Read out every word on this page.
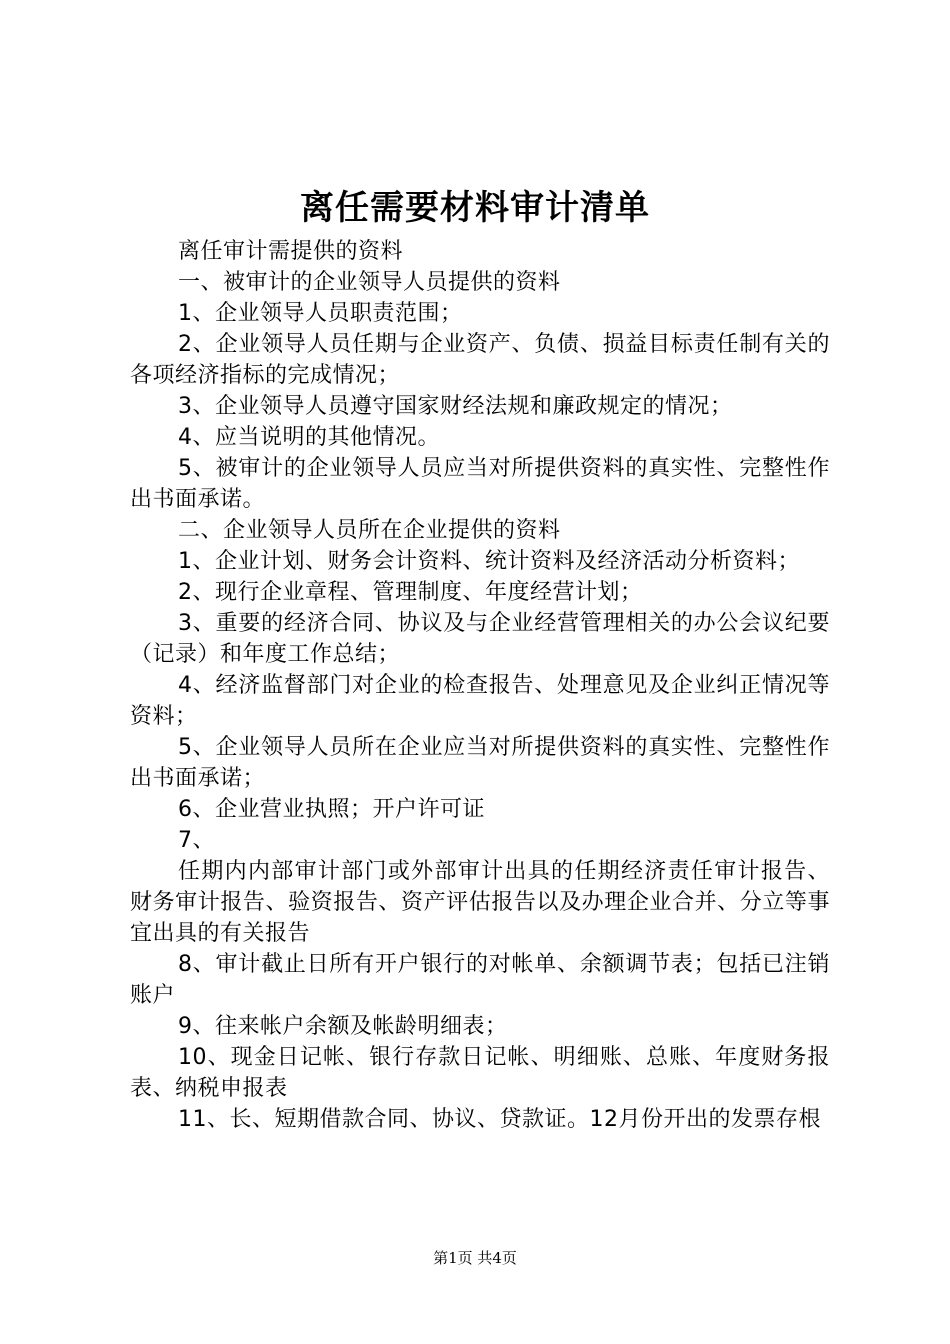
离任需要材料审计清单

离任审计需提供的资料

一、被审计的企业领导人员提供的资料

1、企业领导人员职责范围；

2、企业领导人员任期与企业资产、负债、损益目标责任制有关的各项经济指标的完成情况；

3、企业领导人员遵守国家财经法规和廉政规定的情况；

4、应当说明的其他情况。

5、被审计的企业领导人员应当对所提供资料的真实性、完整性作出书面承诺。

二、企业领导人员所在企业提供的资料

1、企业计划、财务会计资料、统计资料及经济活动分析资料；

2、现行企业章程、管理制度、年度经营计划；

3、重要的经济合同、协议及与企业经营管理相关的办公会议纪要（记录）和年度工作总结；

4、经济监督部门对企业的检查报告、处理意见及企业纠正情况等资料；

5、企业领导人员所在企业应当对所提供资料的真实性、完整性作出书面承诺；

6、企业营业执照；开户许可证

7、

任期内内部审计部门或外部审计出具的任期经济责任审计报告、财务审计报告、验资报告、资产评估报告以及办理企业合并、分立等事宜出具的有关报告

8、审计截止日所有开户银行的对帐单、余额调节表；包括已注销账户

9、往来帐户余额及帐龄明细表；

10、现金日记帐、银行存款日记帐、明细账、总账、年度财务报表、纳税申报表

11、长、短期借款合同、协议、贷款证。12月份开出的发票存根

第1页 共4页
